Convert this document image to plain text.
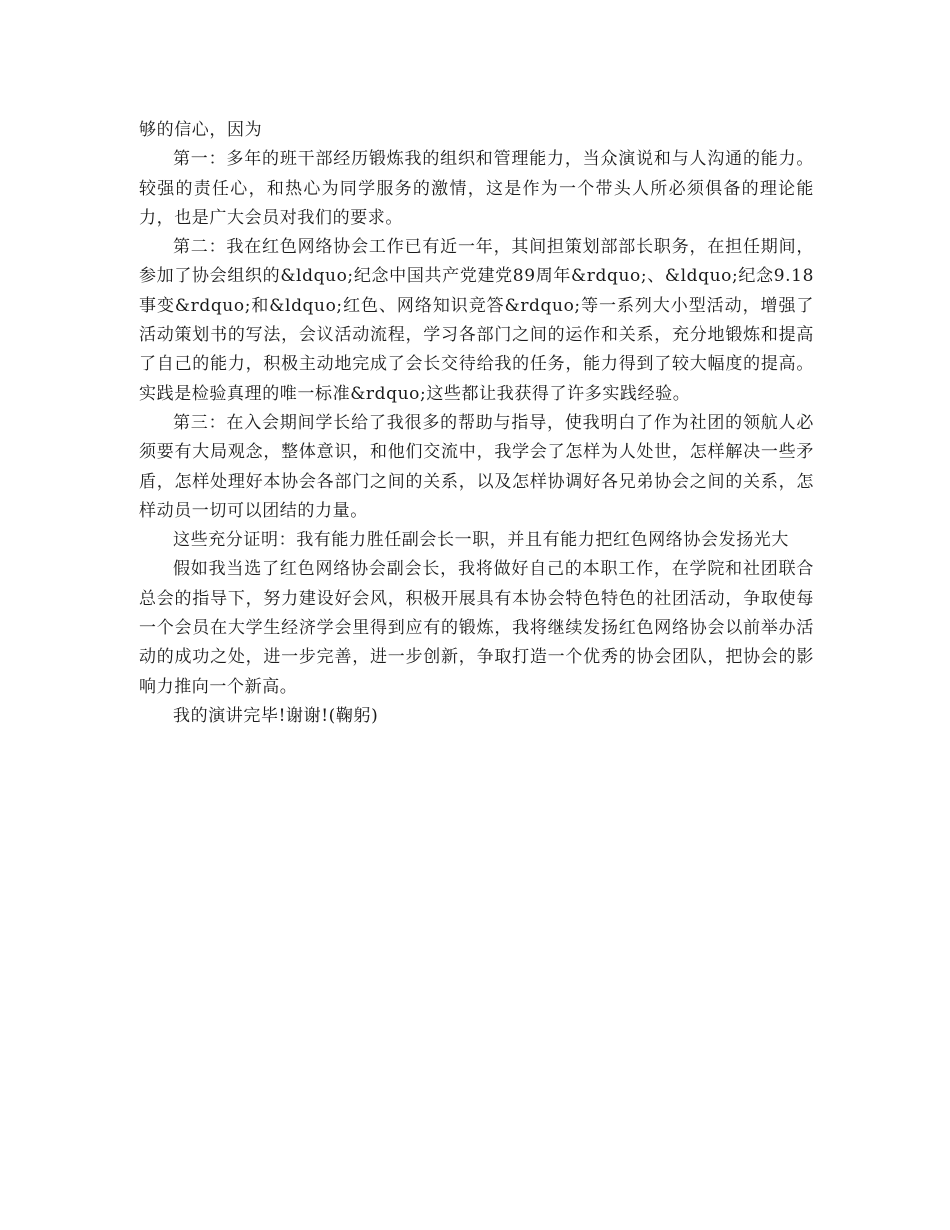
够的信心，因为

第一：多年的班干部经历锻炼我的组织和管理能力，当众演说和与人沟通的能力。较强的责任心，和热心为同学服务的激情，这是作为一个带头人所必须俱备的理论能力，也是广大会员对我们的要求。

第二：我在红色网络协会工作已有近一年，其间担策划部部长职务，在担任期间，参加了协会组织的&ldquo;纪念中国共产党建党89周年&rdquo;、&ldquo;纪念9.18事变&rdquo;和&ldquo;红色、网络知识竞答&rdquo;等一系列大小型活动，增强了活动策划书的写法，会议活动流程，学习各部门之间的运作和关系，充分地锻炼和提高了自己的能力，积极主动地完成了会长交待给我的任务，能力得到了较大幅度的提高。实践是检验真理的唯一标准&rdquo;这些都让我获得了许多实践经验。

第三：在入会期间学长给了我很多的帮助与指导，使我明白了作为社团的领航人必须要有大局观念，整体意识，和他们交流中，我学会了怎样为人处世，怎样解决一些矛盾，怎样处理好本协会各部门之间的关系，以及怎样协调好各兄弟协会之间的关系，怎样动员一切可以团结的力量。

这些充分证明：我有能力胜任副会长一职，并且有能力把红色网络协会发扬光大

假如我当选了红色网络协会副会长，我将做好自己的本职工作，在学院和社团联合总会的指导下，努力建设好会风，积极开展具有本协会特色特色的社团活动，争取使每一个会员在大学生经济学会里得到应有的锻炼，我将继续发扬红色网络协会以前举办活动的成功之处，进一步完善，进一步创新，争取打造一个优秀的协会团队，把协会的影响力推向一个新高。

我的演讲完毕!谢谢!(鞠躬)
